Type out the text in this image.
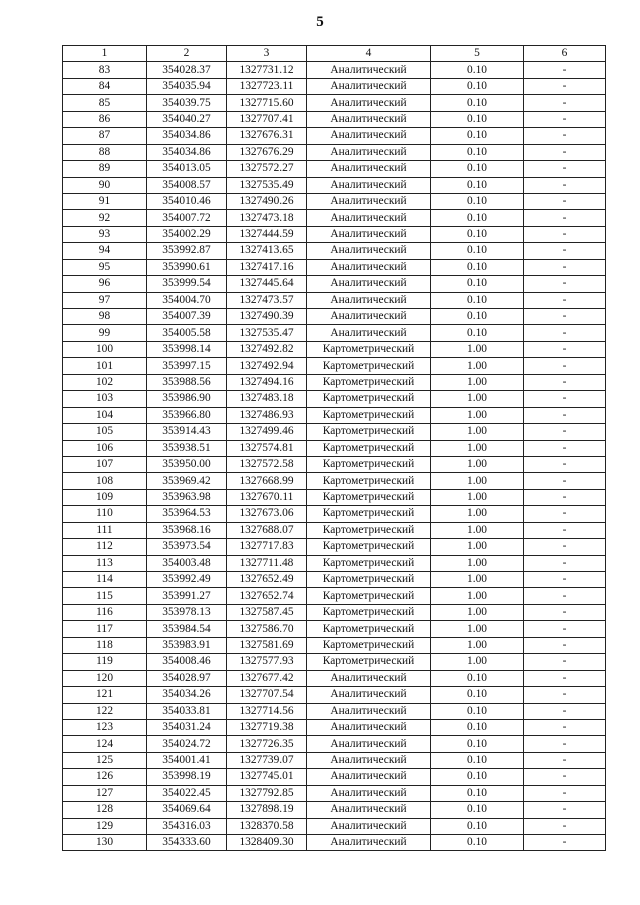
5
1	2	3	4	5	6
83	354028.37	1327731.12	Аналитический	0.10	-
84	354035.94	1327723.11	Аналитический	0.10	-
85	354039.75	1327715.60	Аналитический	0.10	-
86	354040.27	1327707.41	Аналитический	0.10	-
87	354034.86	1327676.31	Аналитический	0.10	-
88	354034.86	1327676.29	Аналитический	0.10	-
89	354013.05	1327572.27	Аналитический	0.10	-
90	354008.57	1327535.49	Аналитический	0.10	-
91	354010.46	1327490.26	Аналитический	0.10	-
92	354007.72	1327473.18	Аналитический	0.10	-
93	354002.29	1327444.59	Аналитический	0.10	-
94	353992.87	1327413.65	Аналитический	0.10	-
95	353990.61	1327417.16	Аналитический	0.10	-
96	353999.54	1327445.64	Аналитический	0.10	-
97	354004.70	1327473.57	Аналитический	0.10	-
98	354007.39	1327490.39	Аналитический	0.10	-
99	354005.58	1327535.47	Аналитический	0.10	-
100	353998.14	1327492.82	Картометрический	1.00	-
101	353997.15	1327492.94	Картометрический	1.00	-
102	353988.56	1327494.16	Картометрический	1.00	-
103	353986.90	1327483.18	Картометрический	1.00	-
104	353966.80	1327486.93	Картометрический	1.00	-
105	353914.43	1327499.46	Картометрический	1.00	-
106	353938.51	1327574.81	Картометрический	1.00	-
107	353950.00	1327572.58	Картометрический	1.00	-
108	353969.42	1327668.99	Картометрический	1.00	-
109	353963.98	1327670.11	Картометрический	1.00	-
110	353964.53	1327673.06	Картометрический	1.00	-
111	353968.16	1327688.07	Картометрический	1.00	-
112	353973.54	1327717.83	Картометрический	1.00	-
113	354003.48	1327711.48	Картометрический	1.00	-
114	353992.49	1327652.49	Картометрический	1.00	-
115	353991.27	1327652.74	Картометрический	1.00	-
116	353978.13	1327587.45	Картометрический	1.00	-
117	353984.54	1327586.70	Картометрический	1.00	-
118	353983.91	1327581.69	Картометрический	1.00	-
119	354008.46	1327577.93	Картометрический	1.00	-
120	354028.97	1327677.42	Аналитический	0.10	-
121	354034.26	1327707.54	Аналитический	0.10	-
122	354033.81	1327714.56	Аналитический	0.10	-
123	354031.24	1327719.38	Аналитический	0.10	-
124	354024.72	1327726.35	Аналитический	0.10	-
125	354001.41	1327739.07	Аналитический	0.10	-
126	353998.19	1327745.01	Аналитический	0.10	-
127	354022.45	1327792.85	Аналитический	0.10	-
128	354069.64	1327898.19	Аналитический	0.10	-
129	354316.03	1328370.58	Аналитический	0.10	-
130	354333.60	1328409.30	Аналитический	0.10	-
